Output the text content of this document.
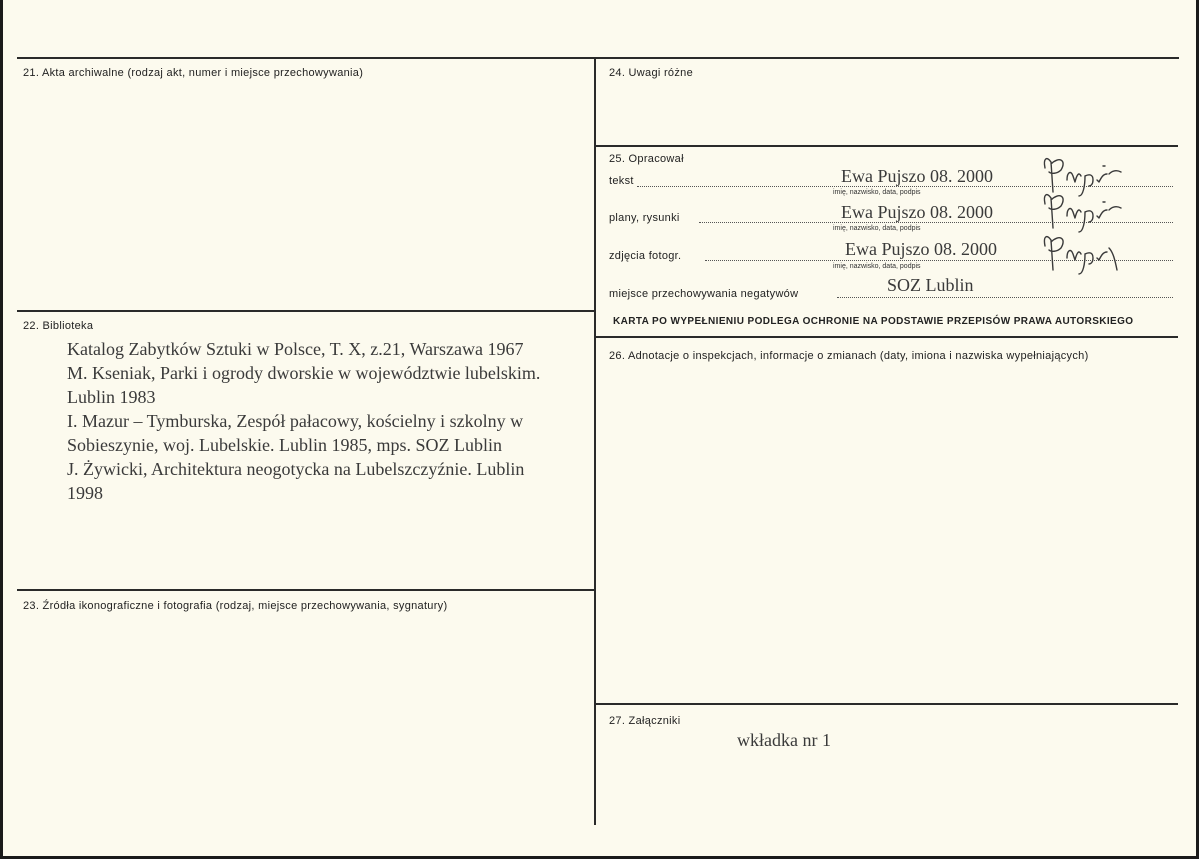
21. Akta archiwalne (rodzaj akt, numer i miejsce przechowywania)
22. Biblioteka
Katalog Zabytków Sztuki w Polsce, T. X, z.21, Warszawa 1967
M. Kseniak, Parki i ogrody dworskie w województwie lubelskim.
Lublin 1983
I. Mazur – Tymburska, Zespół pałacowy, kościelny i szkolny w
Sobieszynie, woj. Lubelskie. Lublin 1985, mps. SOZ Lublin
J. Żywicki, Architektura neogotycka na Lubelszczyźnie. Lublin
1998
23. Źródła ikonograficzne i fotografia (rodzaj, miejsce przechowywania, sygnatury)
24. Uwagi różne
25. Opracował
tekst	Ewa Pujszo 08. 2000
imię, nazwisko, data, podpis
plany, rysunki	Ewa Pujszo 08. 2000
imię, nazwisko, data, podpis
zdjęcia fotogr.	Ewa Pujszo 08. 2000
imię, nazwisko, data, podpis
miejsce przechowywania negatywów	SOZ Lublin
KARTA PO WYPEŁNIENIU PODLEGA OCHRONIE NA PODSTAWIE PRZEPISÓW PRAWA AUTORSKIEGO
26. Adnotacje o inspekcjach, informacje o zmianach (daty, imiona i nazwiska wypełniających)
27. Załączniki
wkładka nr 1
